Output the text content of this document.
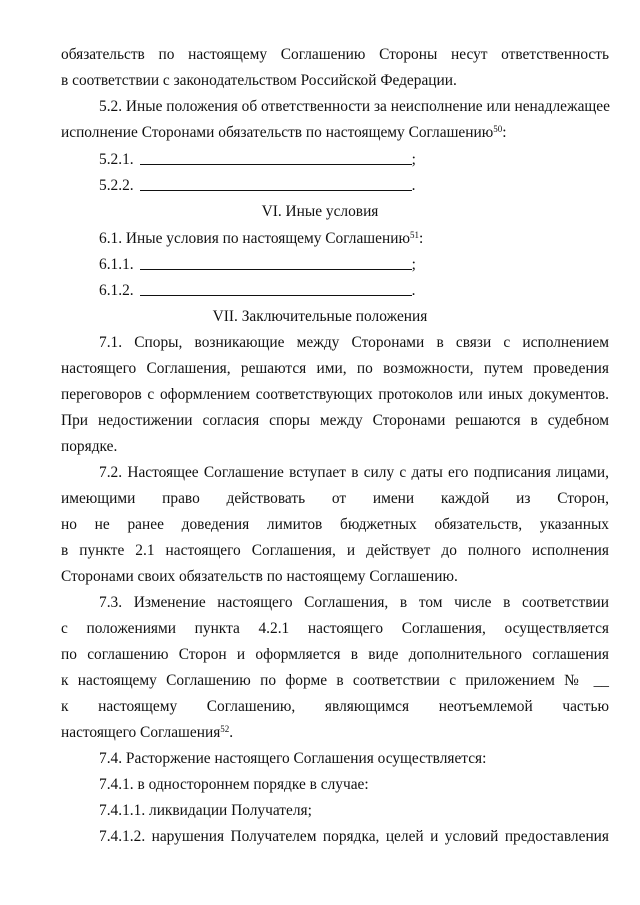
обязательств по настоящему Соглашению Стороны несут ответственность
в соответствии с законодательством Российской Федерации.
5.2. Иные положения об ответственности за неисполнение или ненадлежащее
исполнение Сторонами обязательств по настоящему Соглашению$^{50}$:
5.2.1.	;
5.2.2.	.
VI. Иные условия
6.1. Иные условия по настоящему Соглашению$^{51}$:
6.1.1.	;
6.1.2.	.
VII. Заключительные положения
7.1. Споры, возникающие между Сторонами в связи с исполнением
настоящего Соглашения, решаются ими, по возможности, путем проведения
переговоров с оформлением соответствующих протоколов или иных документов.
При недостижении согласия споры между Сторонами решаются в судебном
порядке.
7.2. Настоящее Соглашение вступает в силу с даты его подписания лицами,
имеющими право действовать от имени каждой из Сторон,
но не ранее доведения лимитов бюджетных обязательств, указанных
в пункте 2.1 настоящего Соглашения, и действует до полного исполнения
Сторонами своих обязательств по настоящему Соглашению.
7.3. Изменение настоящего Соглашения, в том числе в соответствии
с положениями пункта 4.2.1 настоящего Соглашения, осуществляется
по соглашению Сторон и оформляется в виде дополнительного соглашения
к настоящему Соглашению по форме в соответствии с приложением № __
к настоящему Соглашению, являющимся неотъемлемой частью
настоящего Соглашения$^{52}$.
7.4. Расторжение настоящего Соглашения осуществляется:
7.4.1. в одностороннем порядке в случае:
7.4.1.1. ликвидации Получателя;
7.4.1.2. нарушения Получателем порядка, целей и условий предоставления
